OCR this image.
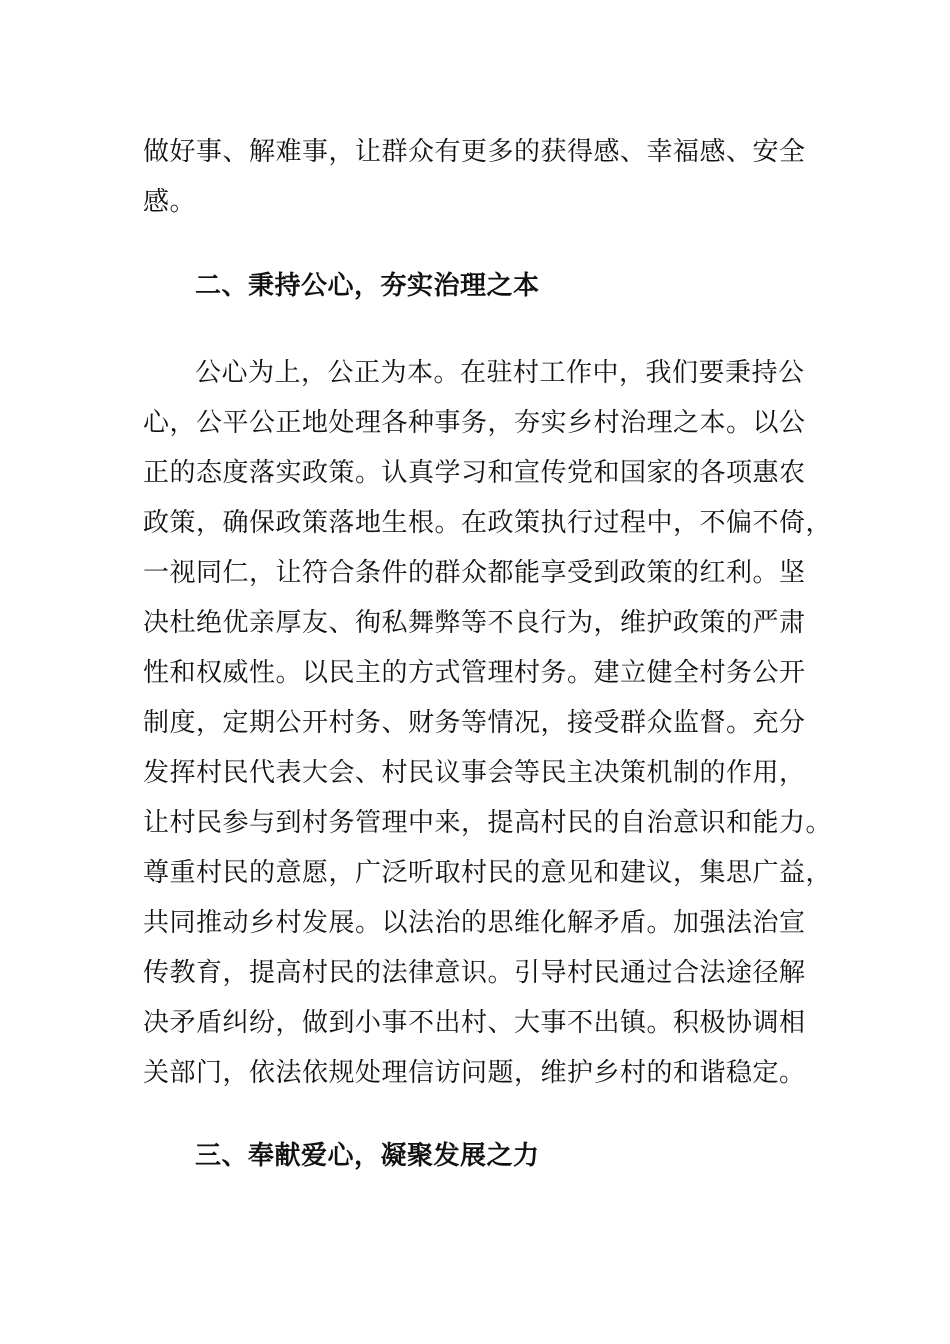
做好事、解难事，让群众有更多的获得感、幸福感、安全
感。
二、秉持公心，夯实治理之本
公心为上，公正为本。在驻村工作中，我们要秉持公
心，公平公正地处理各种事务，夯实乡村治理之本。以公
正的态度落实政策。认真学习和宣传党和国家的各项惠农
政策，确保政策落地生根。在政策执行过程中，不偏不倚，
一视同仁，让符合条件的群众都能享受到政策的红利。坚
决杜绝优亲厚友、徇私舞弊等不良行为，维护政策的严肃
性和权威性。以民主的方式管理村务。建立健全村务公开
制度，定期公开村务、财务等情况，接受群众监督。充分
发挥村民代表大会、村民议事会等民主决策机制的作用，
让村民参与到村务管理中来，提高村民的自治意识和能力。
尊重村民的意愿，广泛听取村民的意见和建议，集思广益，
共同推动乡村发展。以法治的思维化解矛盾。加强法治宣
传教育，提高村民的法律意识。引导村民通过合法途径解
决矛盾纠纷，做到小事不出村、大事不出镇。积极协调相
关部门，依法依规处理信访问题，维护乡村的和谐稳定。
三、奉献爱心，凝聚发展之力
